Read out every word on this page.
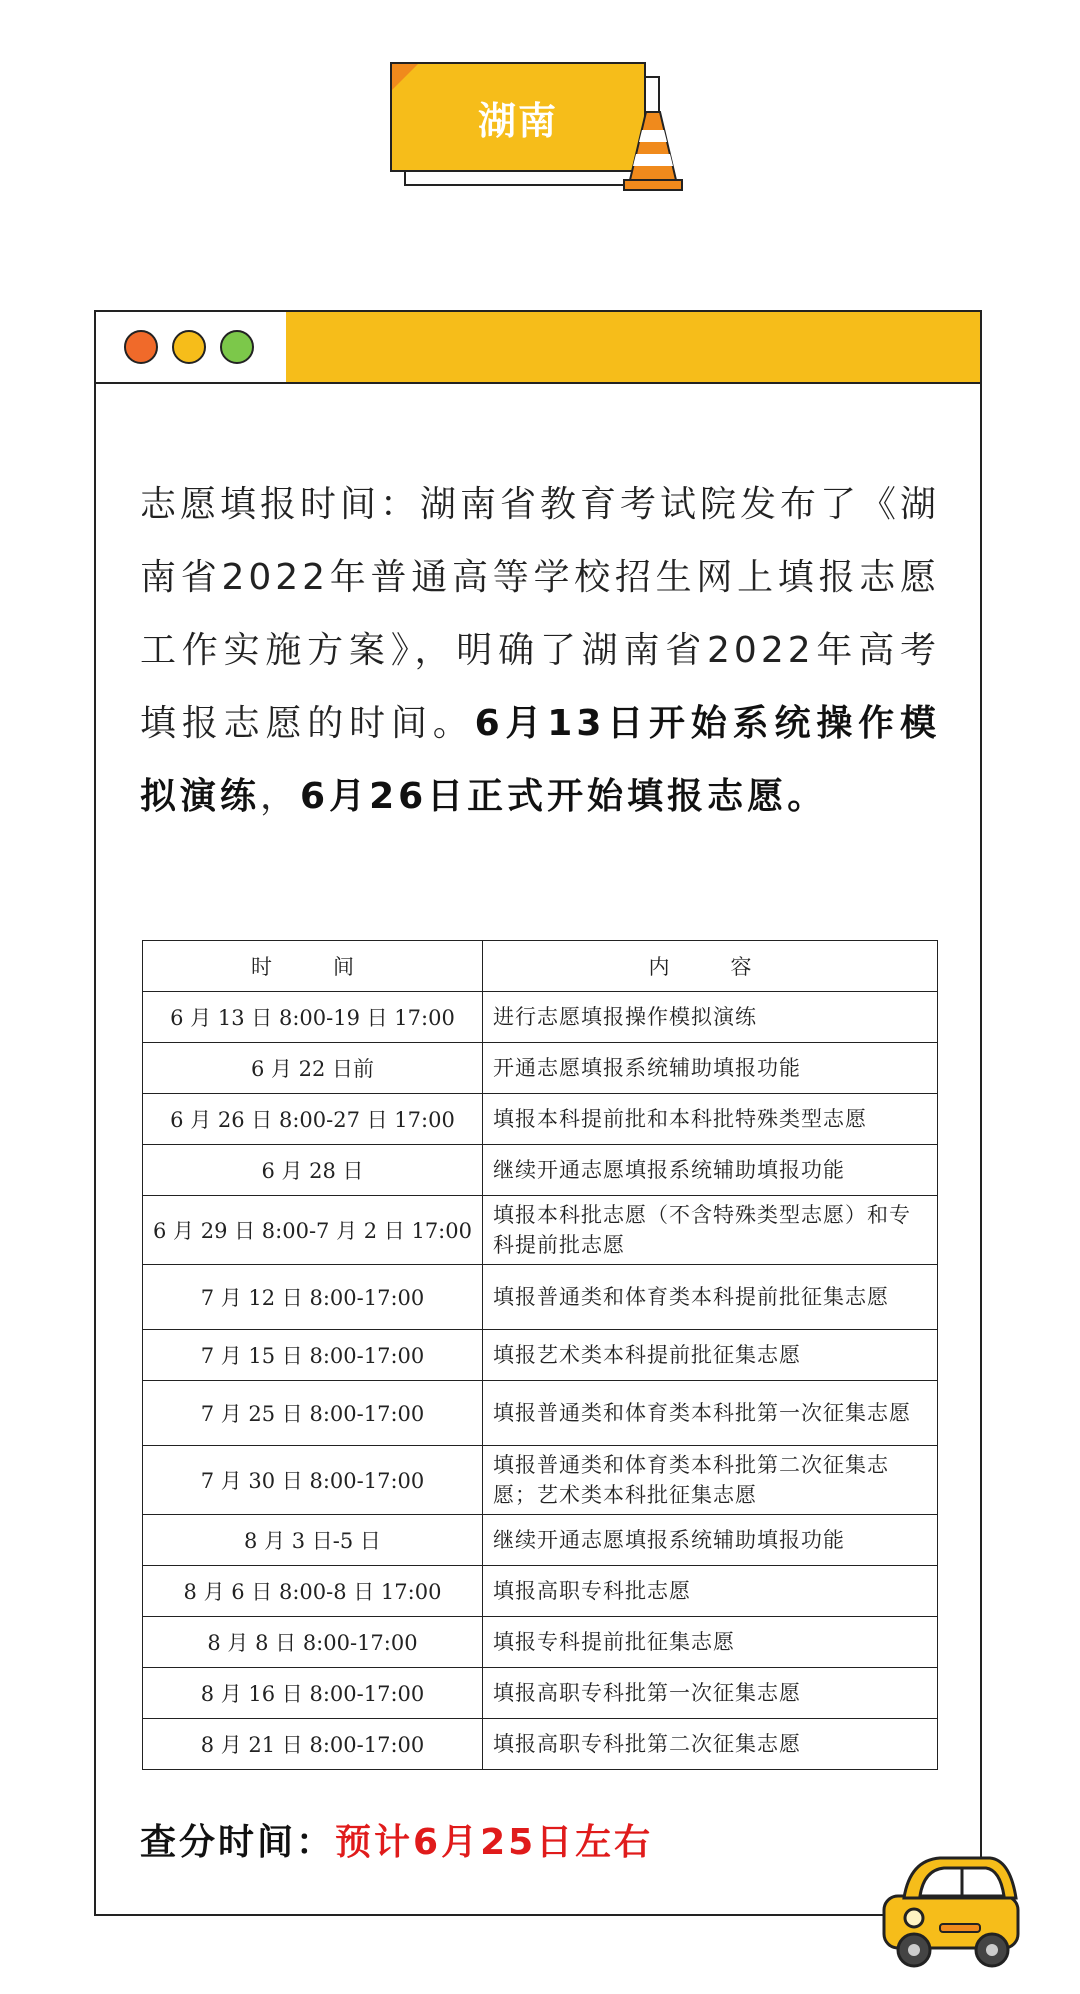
湖南

志愿填报时间：湖南省教育考试院发布了《湖南省2022年普通高等学校招生网上填报志愿工作实施方案》，明确了湖南省2022年高考填报志愿的时间。6月13日开始系统操作模拟演练，6月26日正式开始填报志愿。

时　间	内　容
6 月 13 日 8:00-19 日 17:00	进行志愿填报操作模拟演练
6 月 22 日前	开通志愿填报系统辅助填报功能
6 月 26 日 8:00-27 日 17:00	填报本科提前批和本科批特殊类型志愿
6 月 28 日	继续开通志愿填报系统辅助填报功能
6 月 29 日 8:00-7 月 2 日 17:00	填报本科批志愿（不含特殊类型志愿）和专科提前批志愿
7 月 12 日 8:00-17:00	填报普通类和体育类本科提前批征集志愿
7 月 15 日 8:00-17:00	填报艺术类本科提前批征集志愿
7 月 25 日 8:00-17:00	填报普通类和体育类本科批第一次征集志愿
7 月 30 日 8:00-17:00	填报普通类和体育类本科批第二次征集志愿；艺术类本科批征集志愿
8 月 3 日-5 日	继续开通志愿填报系统辅助填报功能
8 月 6 日 8:00-8 日 17:00	填报高职专科批志愿
8 月 8 日 8:00-17:00	填报专科提前批征集志愿
8 月 16 日 8:00-17:00	填报高职专科批第一次征集志愿
8 月 21 日 8:00-17:00	填报高职专科批第二次征集志愿
查分时间：预计6月25日左右
